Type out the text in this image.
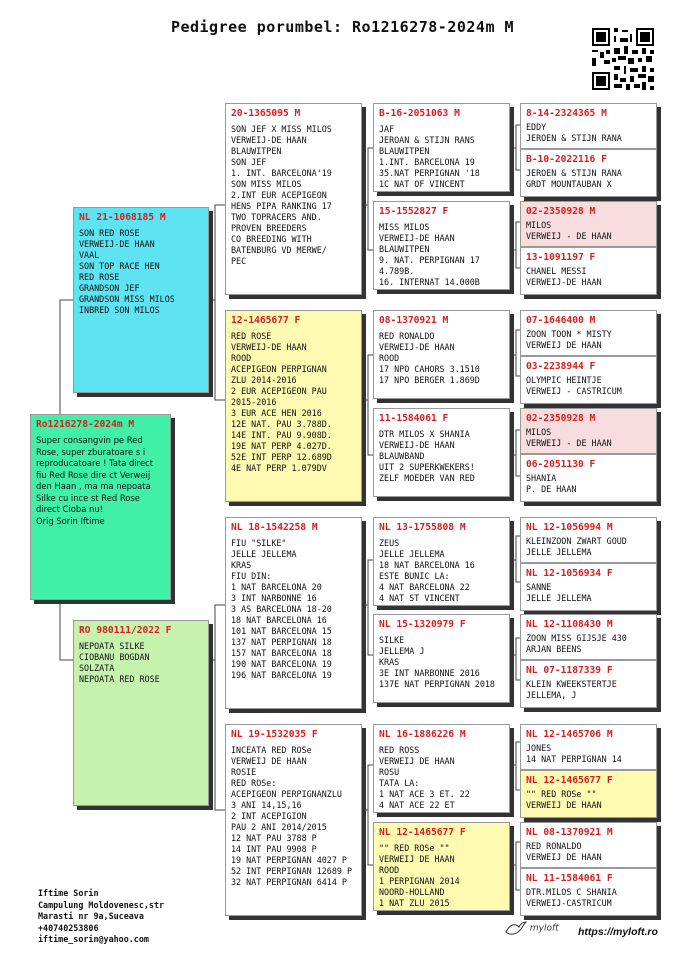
Pedigree porumbel: Ro1216278-2024m M
Ro1216278-2024m M
Super consangvin pe Red Rose, super zburatoare s i reproducatoare ! Tata direct fiu Red Rose dire ct Verweij den Haan , ma ma nepoata Silke cu ince st Red Rose direct Cioba nu!
Orig Sorin Iftime
NL 21-1068185 M
SON RED ROSE
VERWEIJ-DE HAAN
VAAL
SON TOP RACE HEN
RED ROSE
GRANDSON JEF
GRANDSON MISS MILOS
INBRED SON MILOS
RO 980111/2022 F
NEPOATA SILKE
CIOBANU BOGDAN
SOLZATA
NEPOATA RED ROSE
20-1365095 M
SON JEF X MISS MILOS
VERWEIJ-DE HAAN
BLAUWITPEN
SON JEF
1. INT. BARCELONA'19
SON MISS MILOS
2.INT EUR ACEPIGEON
HENS PIPA RANKING 17
TWO TOPRACERS AND.
PROVEN BREEDERS
CO BREEDING WITH
BATENBURG VD MERWE/
PEC
12-1465677 F
RED ROSE
VERWEIJ-DE HAAN
ROOD
ACEPIGEON PERPIGNAN
ZLU 2014-2016
2 EUR ACEPIGEON PAU
2015-2016
3 EUR ACE HEN 2016
12E NAT. PAU 3.788D.
14E INT. PAU 9.908D.
19E NAT PERP 4.027D.
52E INT PERP 12.689D
4E NAT PERP 1.079DV
NL 18-1542258 M
FIU "SILKE"
JELLE JELLEMA
KRAS
FIU DIN:
1 NAT BARCELONA 20
3 INT NARBONNE 16
3 AS BARCELONA 18-20
18 NAT BARCELONA 16
101 NAT BARCELONA 15
137 NAT PERPIGNAN 18
157 NAT BARCELONA 18
190 NAT BARCELONA 19
196 NAT BARCELONA 19
NL 19-1532035 F
INCEATA RED ROSe
VERWEIJ DE HAAN
ROSIE
RED ROSe:
ACEPIGEON PERPIGNANZLU
3 ANI 14,15,16
2 INT ACEPIGION
PAU 2 ANI 2014/2015
12 NAT PAU 3788 P
14 INT PAU 9908 P
19 NAT PERPIGNAN 4027 P
52 INT PERPIGNAN 12689 P
32 NAT PERPIGNAN 6414 P
B-16-2051063 M
JAF
JEROAN & STIJN RANS
BLAUWITPEN
1.INT. BARCELONA 19
35.NAT PERPIGNAN '18
1C NAT OF VINCENT
15-1552827 F
MISS MILOS
VERWEIJ-DE HAAN
BLAUWITPEN
9. NAT. PERPIGNAN 17
4.789B.
16. INTERNAT 14.000B
08-1370921 M
RED RONALDO
VERWEIJ-DE HAAN
ROOD
17 NPO CAHORS 3.1510
17 NPO BERGER 1.869D
11-1584061 F
DTR MILOS X SHANIA
VERWEIJ-DE HAAN
BLAUWBAND
UIT 2 SUPERKWEKERS!
ZELF MOEDER VAN RED
NL 13-1755808 M
ZEUS
JELLE JELLEMA
18 NAT BARCELONA 16
ESTE BUNIC LA:
4 NAT BARCELONA 22
4 NAT ST VINCENT
NL 15-1320979 F
SILKE
JELLEMA J
KRAS
3E INT NARBONNE 2016
137E NAT PERPIGNAN 2018
NL 16-1886226 M
RED ROSS
VERWEIJ DE HAAN
ROSU
TATA LA:
1 NAT ACE 3 ET. 22
4 NAT ACE 22 ET
NL 12-1465677 F
"" RED ROSe ""
VERWEIJ DE HAAN
ROOD
1 PERPIGNAN 2014
NOORD-HOLLAND
1 NAT ZLU 2015
8-14-2324365 M
EDDY
JEROEN & STIJN RANA
B-10-2022116 F
JEROEN & STIJN RANA
GRDT MOUNTAUBAN X
02-2350928 M
MILOS
VERWEIJ - DE HAAN
13-1091197 F
CHANEL MESSI
VERWEIJ-DE HAAN
07-1646400 M
ZOON TOON * MISTY
VERWEIJ DE HAAN
03-2238944 F
OLYMPIC HEINTJE
VERWEIJ - CASTRICUM
02-2350928 M
MILOS
VERWEIJ - DE HAAN
06-2051130 F
SHANIA
P. DE HAAN
NL 12-1056994 M
KLEINZOON ZWART GOUD
JELLE JELLEMA
NL 12-1056934 F
SANNE
JELLE JELLEMA
NL 12-1108430 M
ZOON MISS GIJSJE 430
ARJAN BEENS
NL 07-1187339 F
KLEIN KWEEKSTERTJE
JELLEMA, J
NL 12-1465706 M
JONES
14 NAT PERPIGNAN 14
NL 12-1465677 F
"" RED ROSe ""
VERWEIJ DE HAAN
NL 08-1370921 M
RED RONALDO
VERWEIJ DE HAAN
NL 11-1584061 F
DTR.MILOS C SHANIA
VERWEIJ-CASTRICUM
Iftime Sorin
Campulung Moldovenesc,str
Marasti nr 9a,Suceava
+40740253806
iftime_sorin@yahoo.com
myloft https://myloft.ro
